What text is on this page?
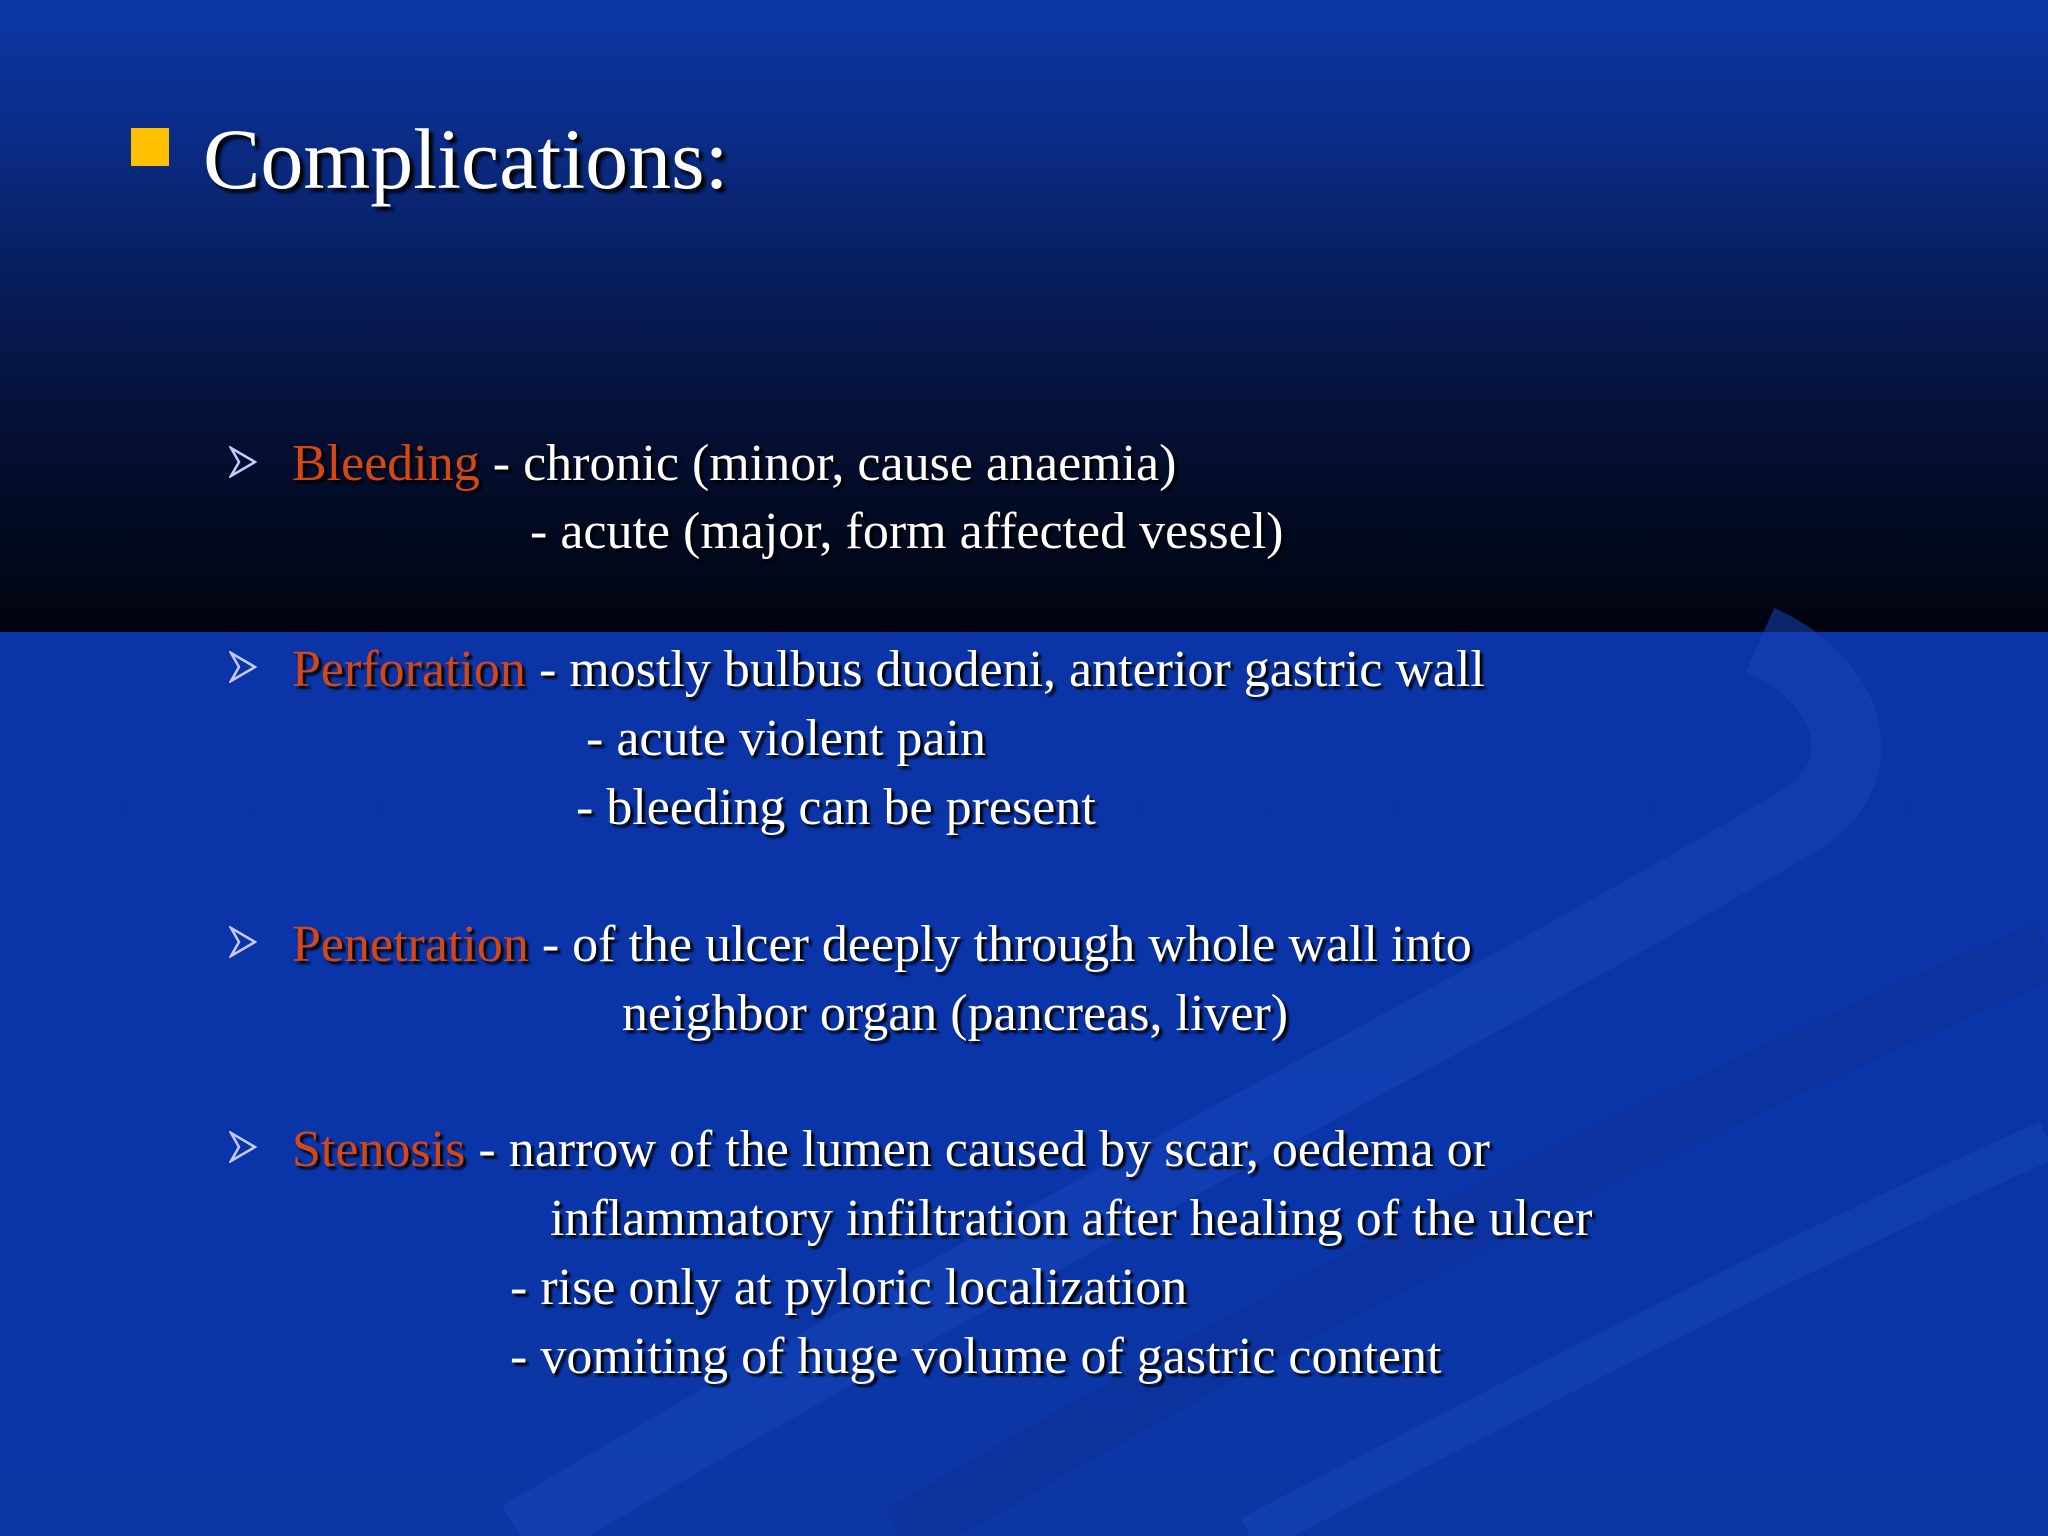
Complications:
Bleeding - chronic (minor, cause anaemia)
- acute (major, form affected vessel)
Perforation - mostly bulbus duodeni, anterior gastric wall
- acute violent pain
- bleeding can be present
Penetration - of the ulcer deeply through whole wall into
neighbor organ (pancreas, liver)
Stenosis - narrow of the lumen caused by scar, oedema or
inflammatory infiltration after healing of the ulcer
- rise only at pyloric localization
- vomiting of huge volume of gastric content
